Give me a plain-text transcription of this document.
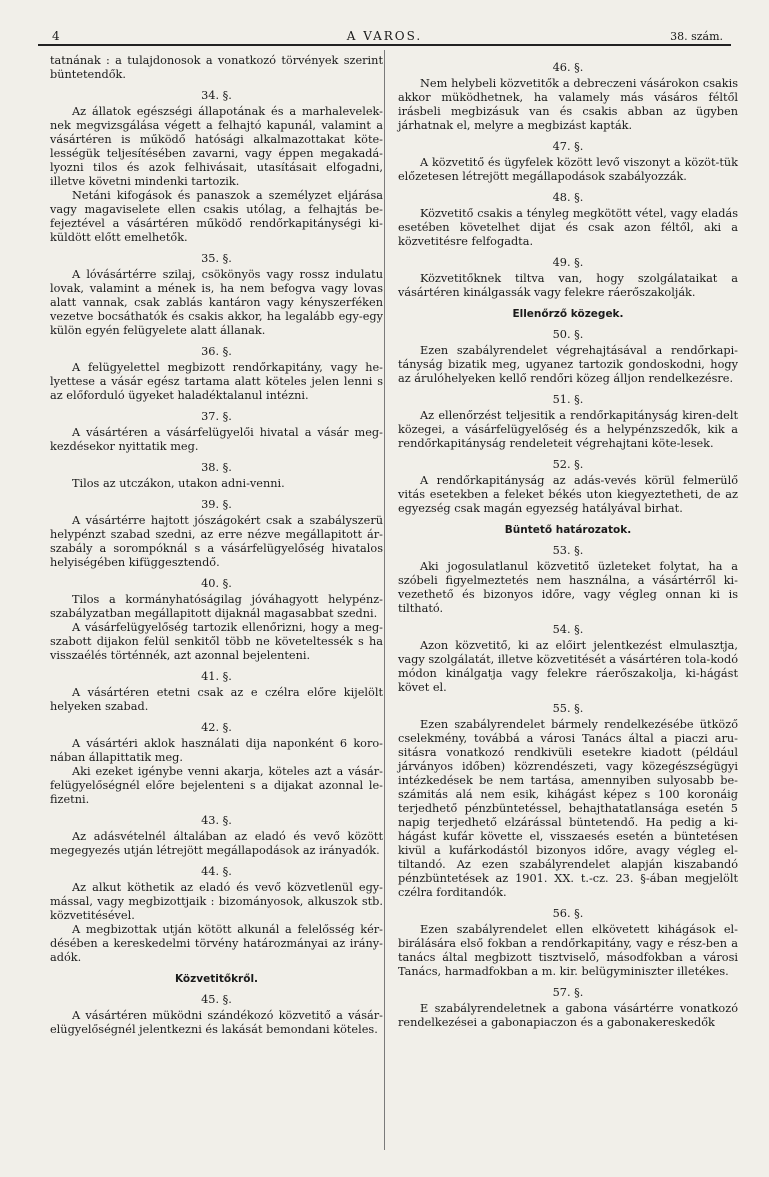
4	A VAROS.	38. szám.

tatnának : a tulajdonosok a vonatkozó törvények szerint büntetendők.

34. §.

Az állatok egészségi állapotának és a marhalevelek-nek megvizsgálása végett a felhajtó kapunál, valamint a vásártéren is működő hatósági alkalmazottakat köte-lességük teljesítésében zavarni, vagy éppen megakadá-lyozni tilos és azok felhivásait, utasításait elfogadni, illetve követni mindenki tartozik.

Netáni kifogások és panaszok a személyzet eljárása vagy magaviselete ellen csakis utólag, a felhajtás be-fejeztével a vásártéren működő rendőrkapitánységi ki-küldött előtt emelhetők.

35. §.

A lóvásártérre szilaj, csökönyös vagy rossz indulatu lovak, valamint a mének is, ha nem befogva vagy lovas alatt vannak, csak zablás kantáron vagy kényszerféken vezetve bocsáthatók és csakis akkor, ha legalább egy-egy külön egyén felügyelete alatt állanak.

36. §.

A felügyelettel megbizott rendőrkapitány, vagy he-lyettese a vásár egész tartama alatt köteles jelen lenni s az előforduló ügyeket haladéktalanul intézni.

37. §.

A vásártéren a vásárfelügyelői hivatal a vásár meg-kezdésekor nyittatik meg.

38. §.

Tilos az utczákon, utakon adni-venni.

39. §.

A vásártérre hajtott jószágokért csak a szabályszerü helypénzt szabad szedni, az erre nézve megállapitott ár-szabály a sorompóknál s a vásárfelügyelőség hivatalos helyiségében kifüggesztendő.

40. §.

Tilos a kormányhatóságilag jóváhagyott helypénz-szabályzatban megállapitott dijaknál magasabbat szedni.

A vásárfelügyelőség tartozik ellenőrizni, hogy a meg-szabott dijakon felül senkitől több ne követeltessék s ha visszaélés történnék, azt azonnal bejelenteni.

41. §.

A vásártéren etetni csak az e czélra előre kijelölt helyeken szabad.

42. §.

A vásártéri aklok használati dija naponként 6 koro-nában állapittatik meg.

Aki ezeket igénybe venni akarja, köteles azt a vásár-felügyelőségnél előre bejelenteni s a dijakat azonnal le-fizetni.

43. §.

Az adásvételnél általában az eladó és vevő között megegyezés utján létrejött megállapodások az irányadók.

44. §.

Az alkut köthetik az eladó és vevő közvetlenül egy-mással, vagy megbizottjaik : bizományosok, alkuszok stb. közvetitésével.

A megbizottak utján kötött alkunál a felelősség kér-désében a kereskedelmi törvény határozmányai az irány-adók.

Közvetitőkről.
45. §.

A vásártéren müködni szándékozó közvetitő a vásár-elügyelőségnél jelentkezni és lakását bemondani köteles.

46. §.

Nem helybeli közvetitők a debreczeni vásárokon csakis akkor müködhetnek, ha valamely más vásáros féltől irásbeli megbizásuk van és csakis abban az ügyben járhatnak el, melyre a megbizást kapták.

47. §.

A közvetitő és ügyfelek között levő viszonyt a közöt-tük előzetesen létrejött megállapodások szabályozzák.

48. §.

Közvetitő csakis a tényleg megkötött vétel, vagy eladás esetében követelhet dijat és csak azon féltől, aki a közvetitésre felfogadta.

49. §.

Közvetitőknek tiltva van, hogy szolgálataikat a vásártéren kinálgassák vagy felekre ráerőszakolják.

Ellenőrző közegek.
50. §.

Ezen szabályrendelet végrehajtásával a rendőrkapi-tányság bizatik meg, ugyanez tartozik gondoskodni, hogy az árulóhelyeken kellő rendőri közeg álljon rendelkezésre.

51. §.

Az ellenőrzést teljesitik a rendőrkapitányság kiren-delt közegei, a vásárfelügyelőség és a helypénzszedők, kik a rendőrkapitányság rendeleteit végrehajtani köte-lesek.

52. §.

A rendőrkapitányság az adás-vevés körül felmerülő vitás esetekben a feleket békés uton kiegyeztetheti, de az egyezség csak magán egyezség hatályával birhat.

Büntető határozatok.
53. §.

Aki jogosulatlanul közvetitő üzleteket folytat, ha a szóbeli figyelmeztetés nem használna, a vásártérről ki-vezethető és bizonyos időre, vagy végleg onnan ki is tiltható.

54. §.

Azon közvetitő, ki az előirt jelentkezést elmulasztja, vagy szolgálatát, illetve közvetitését a vásártéren tola-kodó módon kinálgatja vagy felekre ráerőszakolja, ki-hágást követ el.

55. §.

Ezen szabályrendelet bármely rendelkezésébe ütköző cselekmény, továbbá a városi Tanács által a piaczi aru-sitásra vonatkozó rendkivüli esetekre kiadott (például járványos időben) közrendészeti, vagy közegészségügyi intézkedések be nem tartása, amennyiben sulyosabb be-számitás alá nem esik, kihágást képez s 100 koronáig terjedhető pénzbüntetéssel, behajthatatlansága esetén 5 napig terjedhető elzárással büntetendő. Ha pedig a ki-hágást kufár követte el, visszaesés esetén a büntetésen kivül a kufárkodástól bizonyos időre, avagy végleg el-tiltandó. Az ezen szabályrendelet alapján kiszabandó pénzbüntetések az 1901. XX. t.-cz. 23. §-ában megjelölt czélra forditandók.

56. §.

Ezen szabályrendelet ellen elkövetett kihágások el-birálására első fokban a rendőrkapitány, vagy e rész-ben a tanács által megbizott tisztviselő, másodfokban a városi Tanács, harmadfokban a m. kir. belügyminiszter illetékes.

57. §.

E szabályrendeletnek a gabona vásártérre vonatkozó rendelkezései a gabonapiaczon és a gabonakereskedők
